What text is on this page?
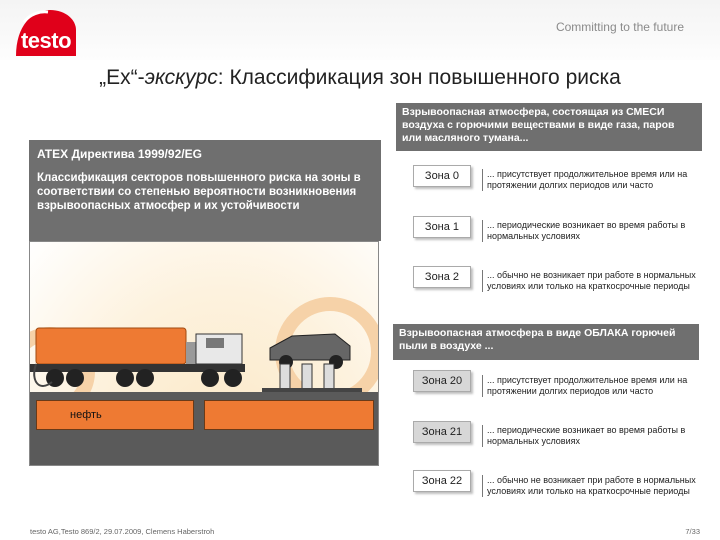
testo
Committing to the future
„Ex“-экскурс: Классификация зон повышенного риска
ATEX Директива 1999/92/EG
Классификация секторов повышенного риска на зоны в соответствии со степенью вероятности возникновения взрывоопасных атмосфер и их устойчивости
нефть
Взрывоопасная атмосфера, состоящая из СМЕСИ воздуха с горючими веществами в виде газа, паров или масляного тумана...
Зона 0	... присутствует продолжительное время или на протяжении долгих периодов или часто
Зона 1	... периодические возникает во время работы в нормальных условиях
Зона 2	... обычно не возникает при работе в нормальных условиях или только на краткосрочные периоды
Взрывоопасная атмосфера в виде ОБЛАКА горючей пыли в воздухе ...
Зона 20	... присутствует продолжительное время или на протяжении долгих периодов или часто
Зона 21	... периодические возникает во время работы в нормальных условиях
Зона 22	... обычно не возникает при работе в нормальных условиях или только на краткосрочные периоды
testo AG,Testo 869/2, 29.07.2009, Clemens Haberstroh	7/33
